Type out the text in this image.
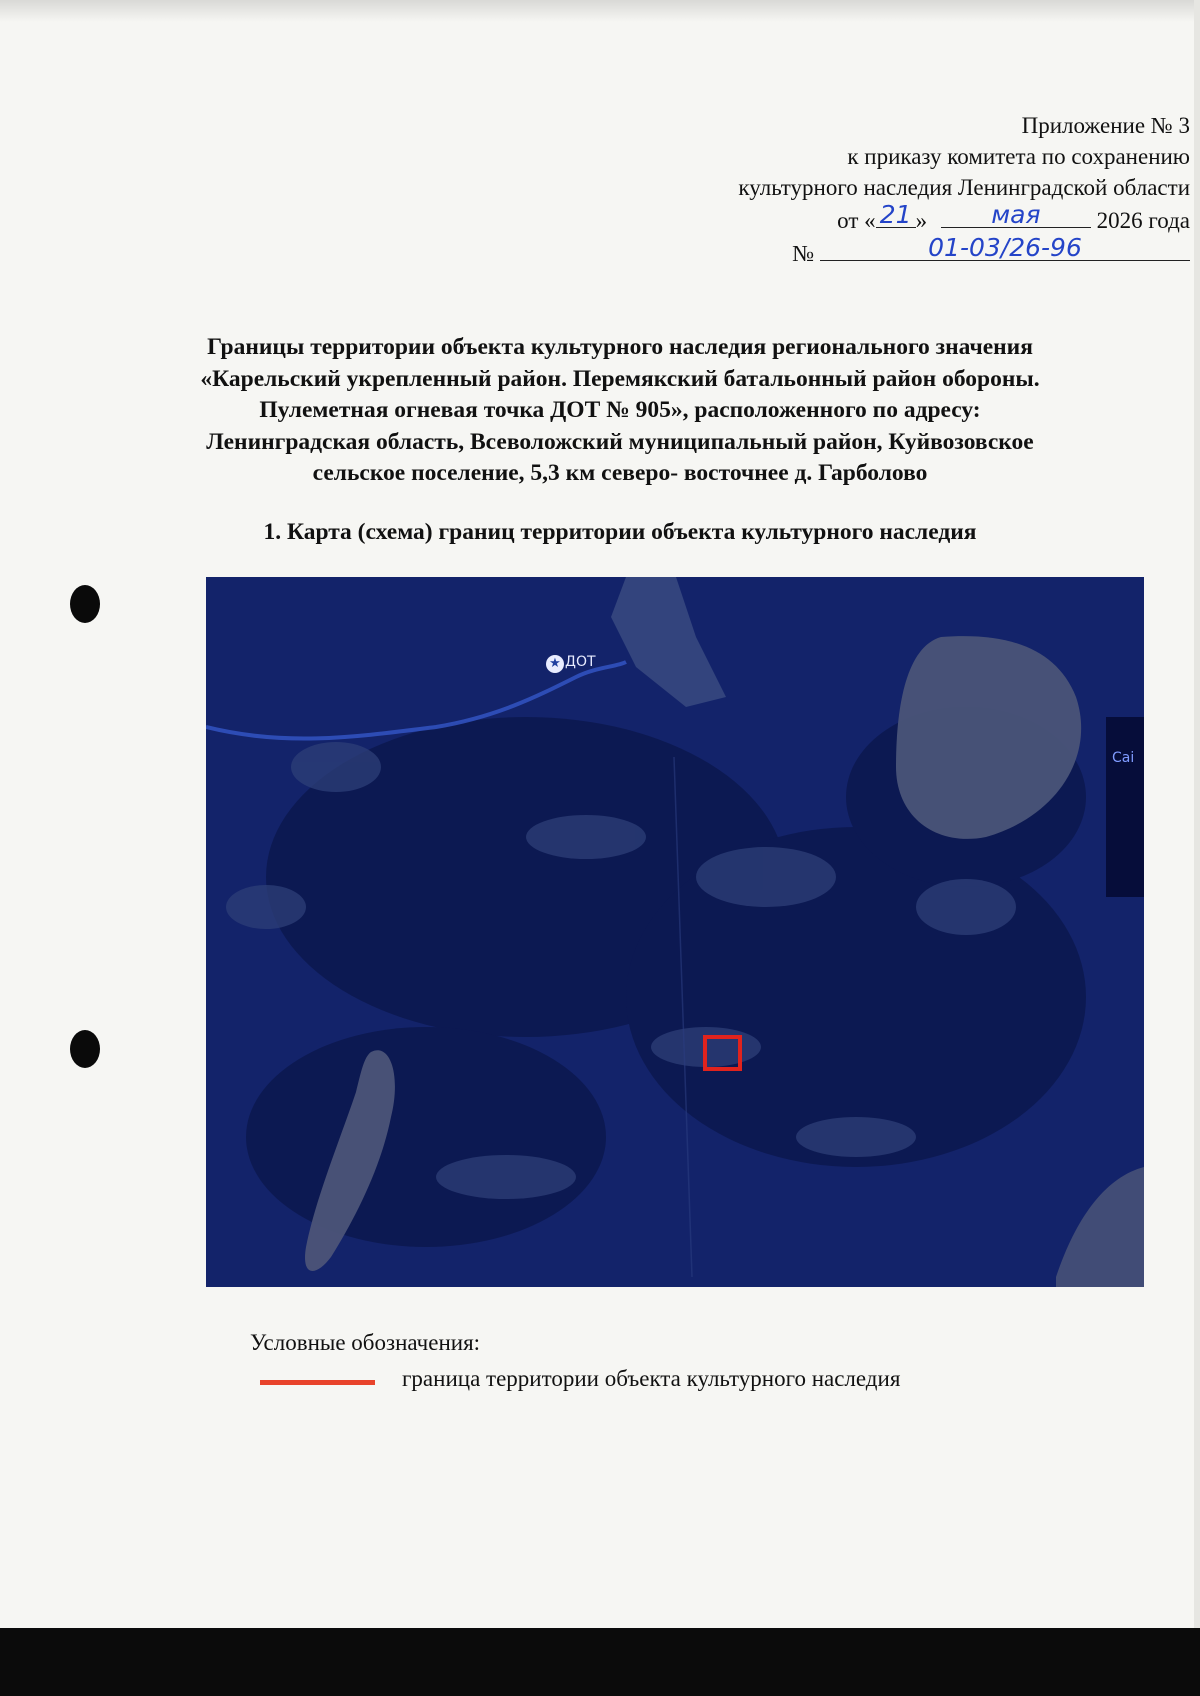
Приложение № 3
к приказу комитета по сохранению
культурного наследия Ленинградской области
от « 21 »	мая	2026 года
№	01-03/26-96
Границы территории объекта культурного наследия регионального значения
«Карельский укрепленный район. Перемякский батальонный район обороны.
Пулеметная огневая точка ДОТ № 905», расположенного по адресу:
Ленинградская область, Всеволожский муниципальный район, Куйвозовское
сельское поселение, 5,3 км северо- восточнее д. Гарболово
1. Карта (схема) границ территории объекта культурного наследия
★ ДОТ
Саі
Условные обозначения:
граница территории объекта культурного наследия
